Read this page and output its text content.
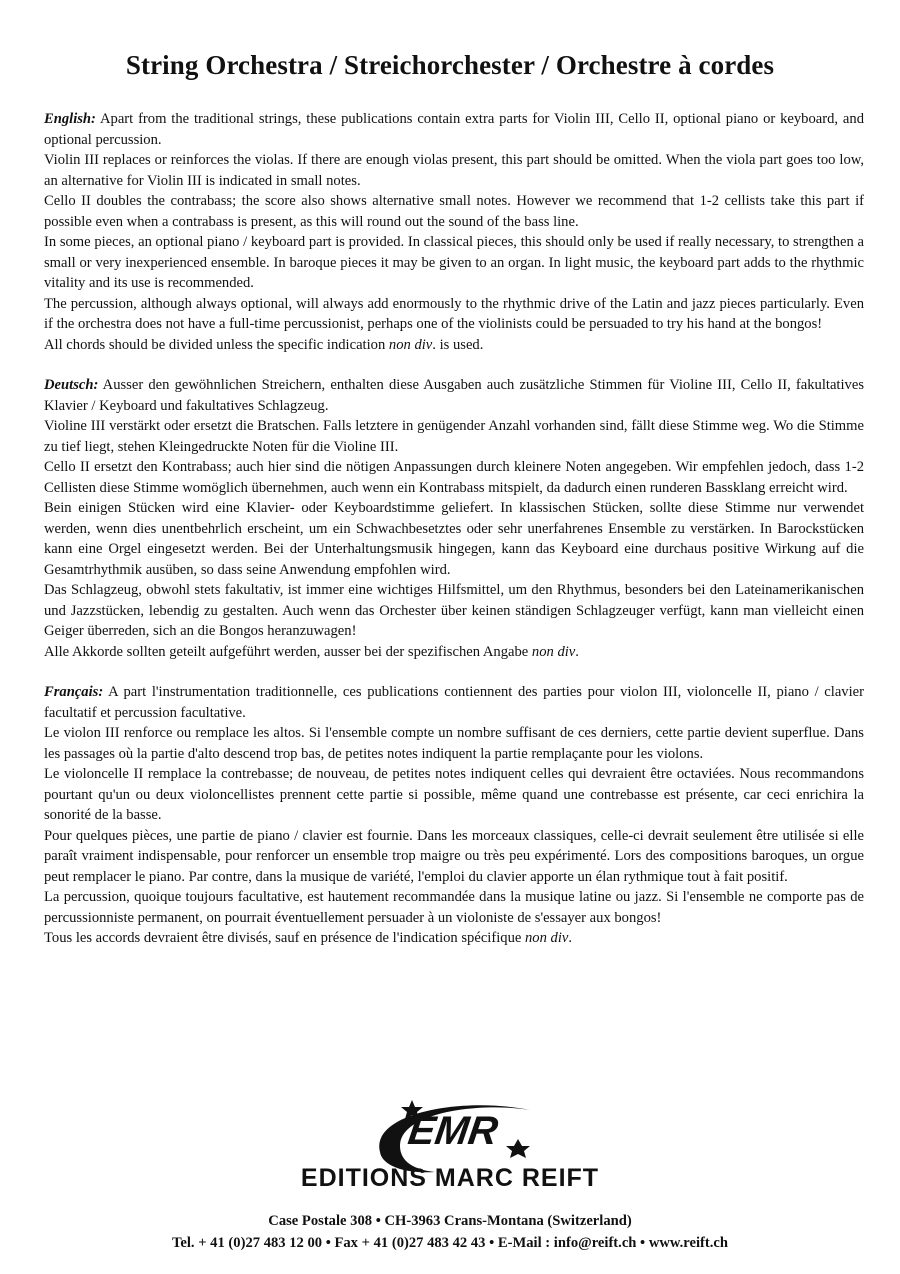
String Orchestra / Streichorchester / Orchestre à cordes

English: Apart from the traditional strings, these publications contain extra parts for Violin III, Cello II, optional piano or keyboard, and optional percussion.

Violin III replaces or reinforces the violas. If there are enough violas present, this part should be omitted. When the viola part goes too low, an alternative for Violin III is indicated in small notes.

Cello II doubles the contrabass; the score also shows alternative small notes. However we recommend that 1-2 cellists take this part if possible even when a contrabass is present, as this will round out the sound of the bass line.

In some pieces, an optional piano / keyboard part is provided. In classical pieces, this should only be used if really necessary, to strengthen a small or very inexperienced ensemble. In baroque pieces it may be given to an organ. In light music, the keyboard part adds to the rhythmic vitality and its use is recommended.

The percussion, although always optional, will always add enormously to the rhythmic drive of the Latin and jazz pieces particularly. Even if the orchestra does not have a full-time percussionist, perhaps one of the violinists could be persuaded to try his hand at the bongos!

All chords should be divided unless the specific indication non div. is used.

Deutsch: Ausser den gewöhnlichen Streichern, enthalten diese Ausgaben auch zusätzliche Stimmen für Violine III, Cello II, fakultatives Klavier / Keyboard und fakultatives Schlagzeug.

Violine III verstärkt oder ersetzt die Bratschen. Falls letztere in genügender Anzahl vorhanden sind, fällt diese Stimme weg. Wo die Stimme zu tief liegt, stehen Kleingedruckte Noten für die Violine III.

Cello II ersetzt den Kontrabass; auch hier sind die nötigen Anpassungen durch kleinere Noten angegeben. Wir empfehlen jedoch, dass 1-2 Cellisten diese Stimme womöglich übernehmen, auch wenn ein Kontrabass mitspielt, da dadurch einen runderen Bassklang erreicht wird.

Bein einigen Stücken wird eine Klavier- oder Keyboardstimme geliefert. In klassischen Stücken, sollte diese Stimme nur verwendet werden, wenn dies unentbehrlich erscheint, um ein Schwachbesetztes oder sehr unerfahrenes Ensemble zu verstärken. In Barockstücken kann eine Orgel eingesetzt werden. Bei der Unterhaltungsmusik hingegen, kann das Keyboard eine durchaus positive Wirkung auf die Gesamtrhythmik ausüben, so dass seine Anwendung empfohlen wird.

Das Schlagzeug, obwohl stets fakultativ, ist immer eine wichtiges Hilfsmittel, um den Rhythmus, besonders bei den Lateinamerikanischen und Jazzstücken, lebendig zu gestalten. Auch wenn das Orchester über keinen ständigen Schlagzeuger verfügt, kann man vielleicht einen Geiger überreden, sich an die Bongos heranzuwagen!

Alle Akkorde sollten geteilt aufgeführt werden, ausser bei der spezifischen Angabe non div.

Français: A part l'instrumentation traditionnelle, ces publications contiennent des parties pour violon III, violoncelle II, piano / clavier facultatif et percussion facultative.

Le violon III renforce ou remplace les altos. Si l'ensemble compte un nombre suffisant de ces derniers, cette partie devient superflue. Dans les passages où la partie d'alto descend trop bas, de petites notes indiquent la partie remplaçante pour les violons.

Le violoncelle II remplace la contrebasse; de nouveau, de petites notes indiquent celles qui devraient être octaviées. Nous recommandons pourtant qu'un ou deux violoncellistes prennent cette partie si possible, même quand une contrebasse est présente, car ceci enrichira la sonorité de la basse.

Pour quelques pièces, une partie de piano / clavier est fournie. Dans les morceaux classiques, celle-ci devrait seulement être utilisée si elle paraît vraiment indispensable, pour renforcer un ensemble trop maigre ou très peu expérimenté. Lors des compositions baroques, un orgue peut remplacer le piano. Par contre, dans la musique de variété, l'emploi du clavier apporte un élan rythmique tout à fait positif.

La percussion, quoique toujours facultative, est hautement recommandée dans la musique latine ou jazz. Si l'ensemble ne comporte pas de percussionniste permanent, on pourrait éventuellement persuader à un violoniste de s'essayer aux bongos!

Tous les accords devraient être divisés, sauf en présence de l'indication spécifique non div.

EMR
EDITIONS MARC REIFT
Case Postale 308 • CH-3963 Crans-Montana (Switzerland)
Tel. + 41 (0)27 483 12 00 • Fax + 41 (0)27 483 42 43 • E-Mail : info@reift.ch • www.reift.ch
